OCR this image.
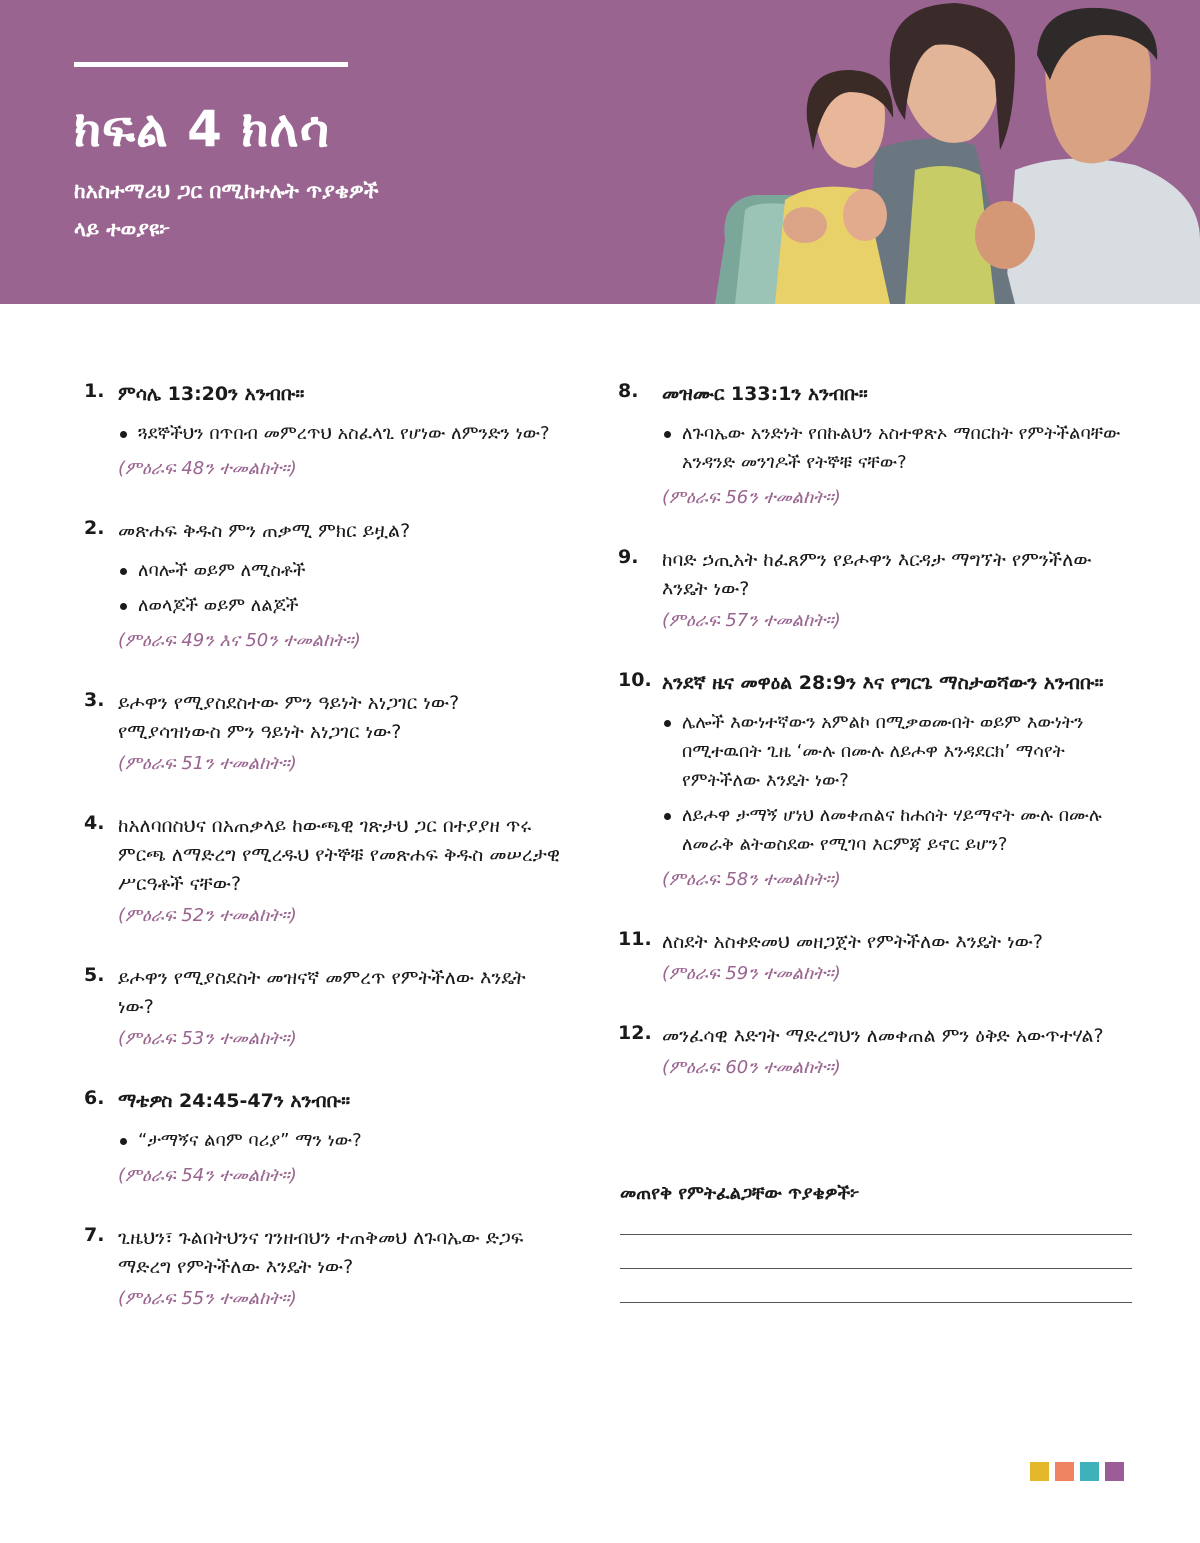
ክፍል 4 ክለሳ
ከአስተማሪህ ጋር በሚከተሉት ጥያቄዎች
ላይ ተወያዩ፦
1. ምሳሌ 13:20ን አንብቡ።
ጓደኞችህን በጥበብ መምረጥህ አስፈላጊ የሆነው ለምንድን ነው?
(ምዕራፍ 48ን ተመልከት።)
2. መጽሐፍ ቅዱስ ምን ጠቃሚ ምክር ይዟል?
ለባሎች ወይም ለሚስቶች
ለወላጆች ወይም ለልጆች
(ምዕራፍ 49ን እና 50ን ተመልከት።)
3. ይሖዋን የሚያስደስተው ምን ዓይነት አነጋገር ነው? የሚያሳዝነውስ ምን ዓይነት አነጋገር ነው?
(ምዕራፍ 51ን ተመልከት።)
4. ከአለባበስህና በአጠቃላይ ከውጫዊ ገጽታህ ጋር በተያያዘ ጥሩ ምርጫ ለማድረግ የሚረዱህ የትኞቹ የመጽሐፍ ቅዱስ መሠረታዊ ሥርዓቶች ናቸው?
(ምዕራፍ 52ን ተመልከት።)
5. ይሖዋን የሚያስደስት መዝናኛ መምረጥ የምትችለው እንዴት ነው?
(ምዕራፍ 53ን ተመልከት።)
6. ማቴዎስ 24:45-47ን አንብቡ።
“ታማኝና ልባም ባሪያ” ማን ነው?
(ምዕራፍ 54ን ተመልከት።)
7. ጊዜህን፣ ጉልበትህንና ገንዘብህን ተጠቅመህ ለጉባኤው ድጋፍ ማድረግ የምትችለው እንዴት ነው?
(ምዕራፍ 55ን ተመልከት።)
8. መዝሙር 133:1ን አንብቡ።
ለጉባኤው አንድነት የበኩልህን አስተዋጽኦ ማበርከት የምትችልባቸው አንዳንድ መንገዶች የትኞቹ ናቸው?
(ምዕራፍ 56ን ተመልከት።)
9. ከባድ ኃጢአት ከፈጸምን የይሖዋን እርዳታ ማግኘት የምንችለው እንዴት ነው?
(ምዕራፍ 57ን ተመልከት።)
10. አንደኛ ዜና መዋዕል 28:9ን እና የግርጌ ማስታወሻውን አንብቡ።
ሌሎች እውነተኛውን አምልኮ በሚቃወሙበት ወይም እውነትን በሚተዉበት ጊዜ ‘ሙሉ በሙሉ ለይሖዋ እንዳደርክ’ ማሳየት የምትችለው እንዴት ነው?
ለይሖዋ ታማኝ ሆነህ ለመቀጠልና ከሐሰት ሃይማኖት ሙሉ በሙሉ ለመራቅ ልትወስደው የሚገባ እርምጃ ይኖር ይሆን?
(ምዕራፍ 58ን ተመልከት።)
11. ለስደት አስቀድመህ መዘጋጀት የምትችለው እንዴት ነው?
(ምዕራፍ 59ን ተመልከት።)
12. መንፈሳዊ እድገት ማድረግህን ለመቀጠል ምን ዕቅድ አውጥተሃል?
(ምዕራፍ 60ን ተመልከት።)
መጠየቅ የምትፈልጋቸው ጥያቄዎች፦
